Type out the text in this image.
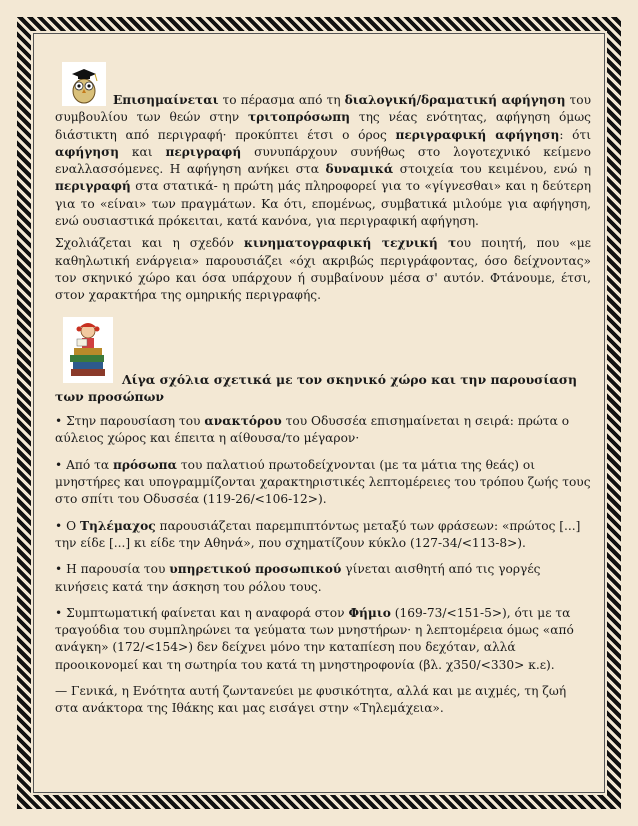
Επισημαίνεται το πέρασμα από τη διαλογική/δραματική αφήγηση του συμβουλίου των θεών στην τριτοπρόσωπη της νέας ενότητας, αφήγηση όμως διάστικτη από περιγραφή· προκύπτει έτσι ο όρος περιγραφική αφήγηση: ότι αφήγηση και περιγραφή συνυπάρχουν συνήθως στο λογοτεχνικό κείμενο εναλλασσόμενες. Η αφήγηση ανήκει στα δυναμικά στοιχεία του κειμένου, ενώ η περιγραφή στα στατικά- η πρώτη μάς πληροφορεί για το «γίγνεσθαι» και η δεύτερη για το «είναι» των πραγμάτων. Κα ότι, επομένως, συμβατικά μιλούμε για αφήγηση, ενώ ουσιαστικά πρόκειται, κατά κανόνα, για περιγραφική αφήγηση.

Σχολιάζεται και η σχεδόν κινηματογραφική τεχνική του ποιητή, που «με καθηλωτική ενάργεια» παρουσιάζει «όχι ακριβώς περιγράφοντας, όσο δείχνοντας» τον σκηνικό χώρο και όσα υπάρχουν ή συμβαίνουν μέσα σ' αυτόν. Φτάνουμε, έτσι, στον χαρακτήρα της ομηρικής περιγραφής.

Λίγα σχόλια σχετικά με τον σκηνικό χώρο και την παρουσίαση των προσώπων

• Στην παρουσίαση του ανακτόρου του Οδυσσέα επισημαίνεται η σειρά: πρώτα ο αύλειος χώρος και έπειτα η αίθουσα/το μέγαρον·

• Από τα πρόσωπα του παλατιού πρωτοδείχνονται (με τα μάτια της θεάς) οι μνηστήρες και υπογραμμίζονται χαρακτηριστικές λεπτομέρειες του τρόπου ζωής τους στο σπίτι του Οδυσσέα (119-26/<106-12>).

• Ο Τηλέμαχος παρουσιάζεται παρεμπιπτόντως μεταξύ των φράσεων: «πρώτος [...] την είδε [...] κι είδε την Αθηνά», που σχηματίζουν κύκλο (127-34/<113-8>).

• Η παρουσία του υπηρετικού προσωπικού γίνεται αισθητή από τις γοργές κινήσεις κατά την άσκηση του ρόλου τους.

• Συμπτωματική φαίνεται και η αναφορά στον Φήμιο (169-73/<151-5>), ότι με τα τραγούδια του συμπληρώνει τα γεύματα των μνηστήρων· η λεπτομέρεια όμως «από ανάγκη» (172/<154>) δεν δείχνει μόνο την καταπίεση που δεχόταν, αλλά προοικονομεί και τη σωτηρία του κατά τη μνηστηροφονία (βλ. χ350/<330> κ.ε).

— Γενικά, η Ενότητα αυτή ζωντανεύει με φυσικότητα, αλλά και με αιχμές, τη ζωή στα ανάκτορα της Ιθάκης και μας εισάγει στην «Τηλεμάχεια».
